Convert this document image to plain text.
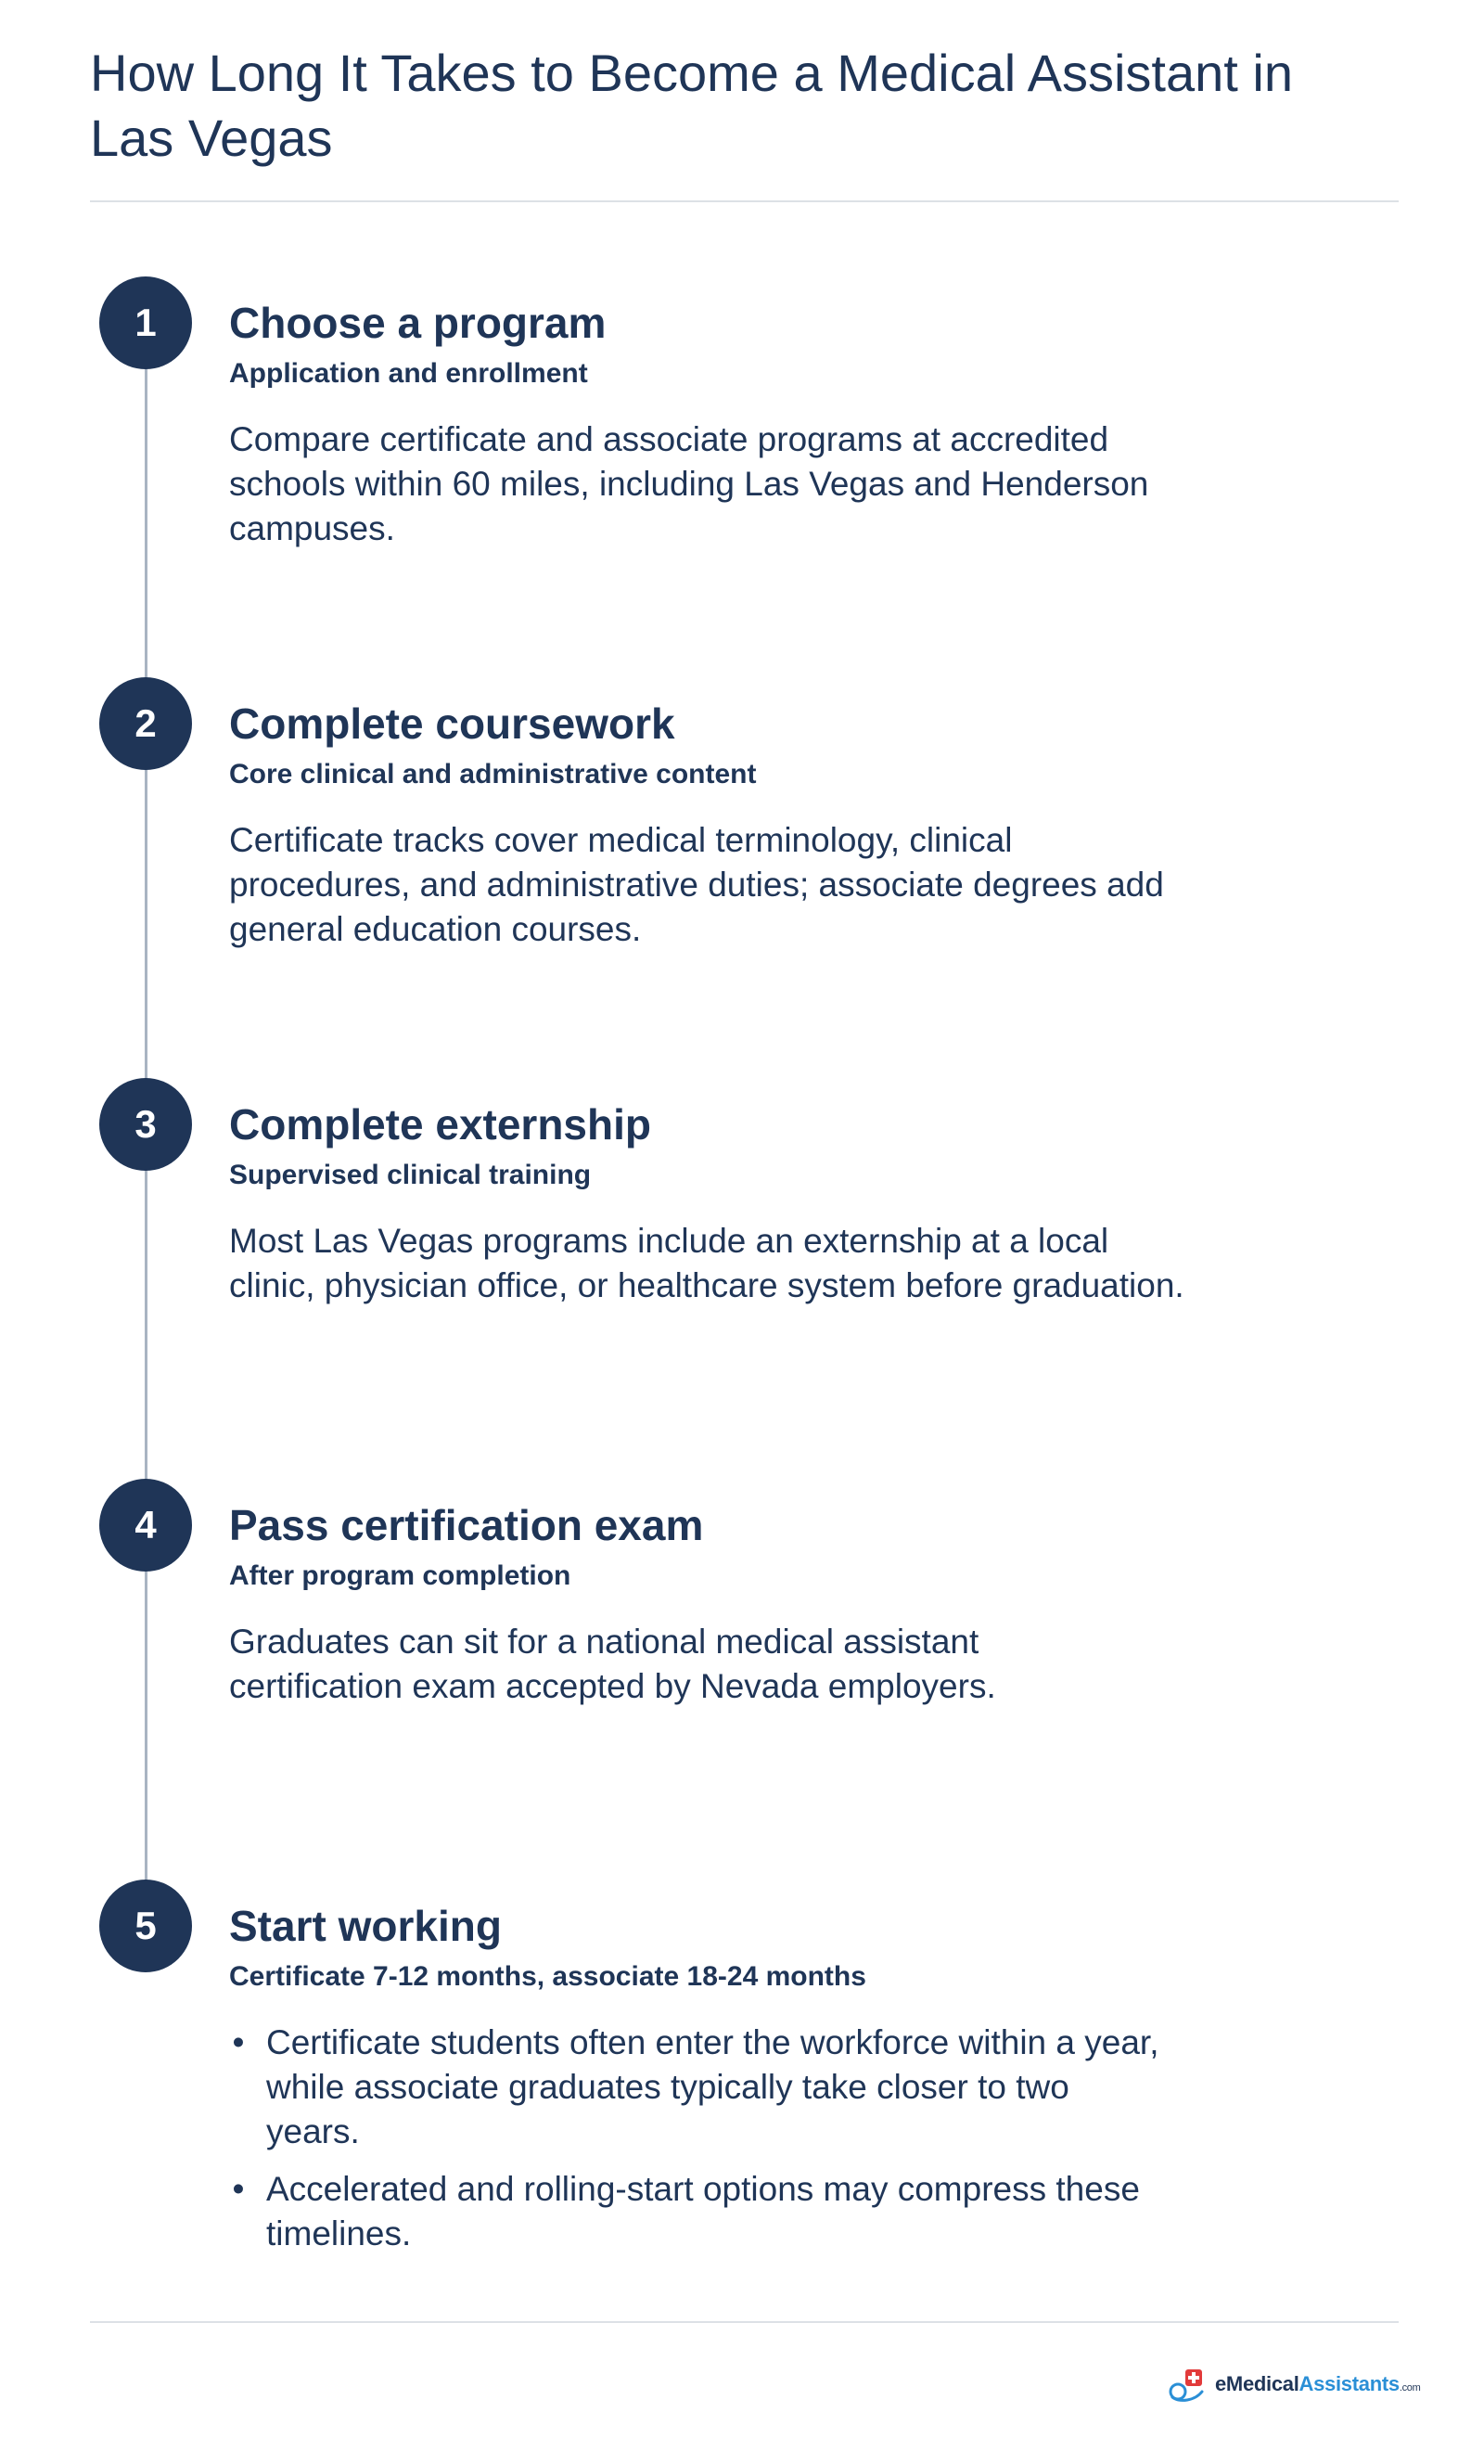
How Long It Takes to Become a Medical Assistant in Las Vegas
1	Choose a program

Application and enrollment

Compare certificate and associate programs at accredited schools within 60 miles, including Las Vegas and Henderson campuses.

2	Complete coursework

Core clinical and administrative content

Certificate tracks cover medical terminology, clinical procedures, and administrative duties; associate degrees add general education courses.

3	Complete externship

Supervised clinical training

Most Las Vegas programs include an externship at a local clinic, physician office, or healthcare system before graduation.

4	Pass certification exam

After program completion

Graduates can sit for a national medical assistant certification exam accepted by Nevada employers.

5	Start working

Certificate 7-12 months, associate 18-24 months

• Certificate students often enter the workforce within a year, while associate graduates typically take closer to two years.
• Accelerated and rolling-start options may compress these timelines.
eMedicalAssistants.com
